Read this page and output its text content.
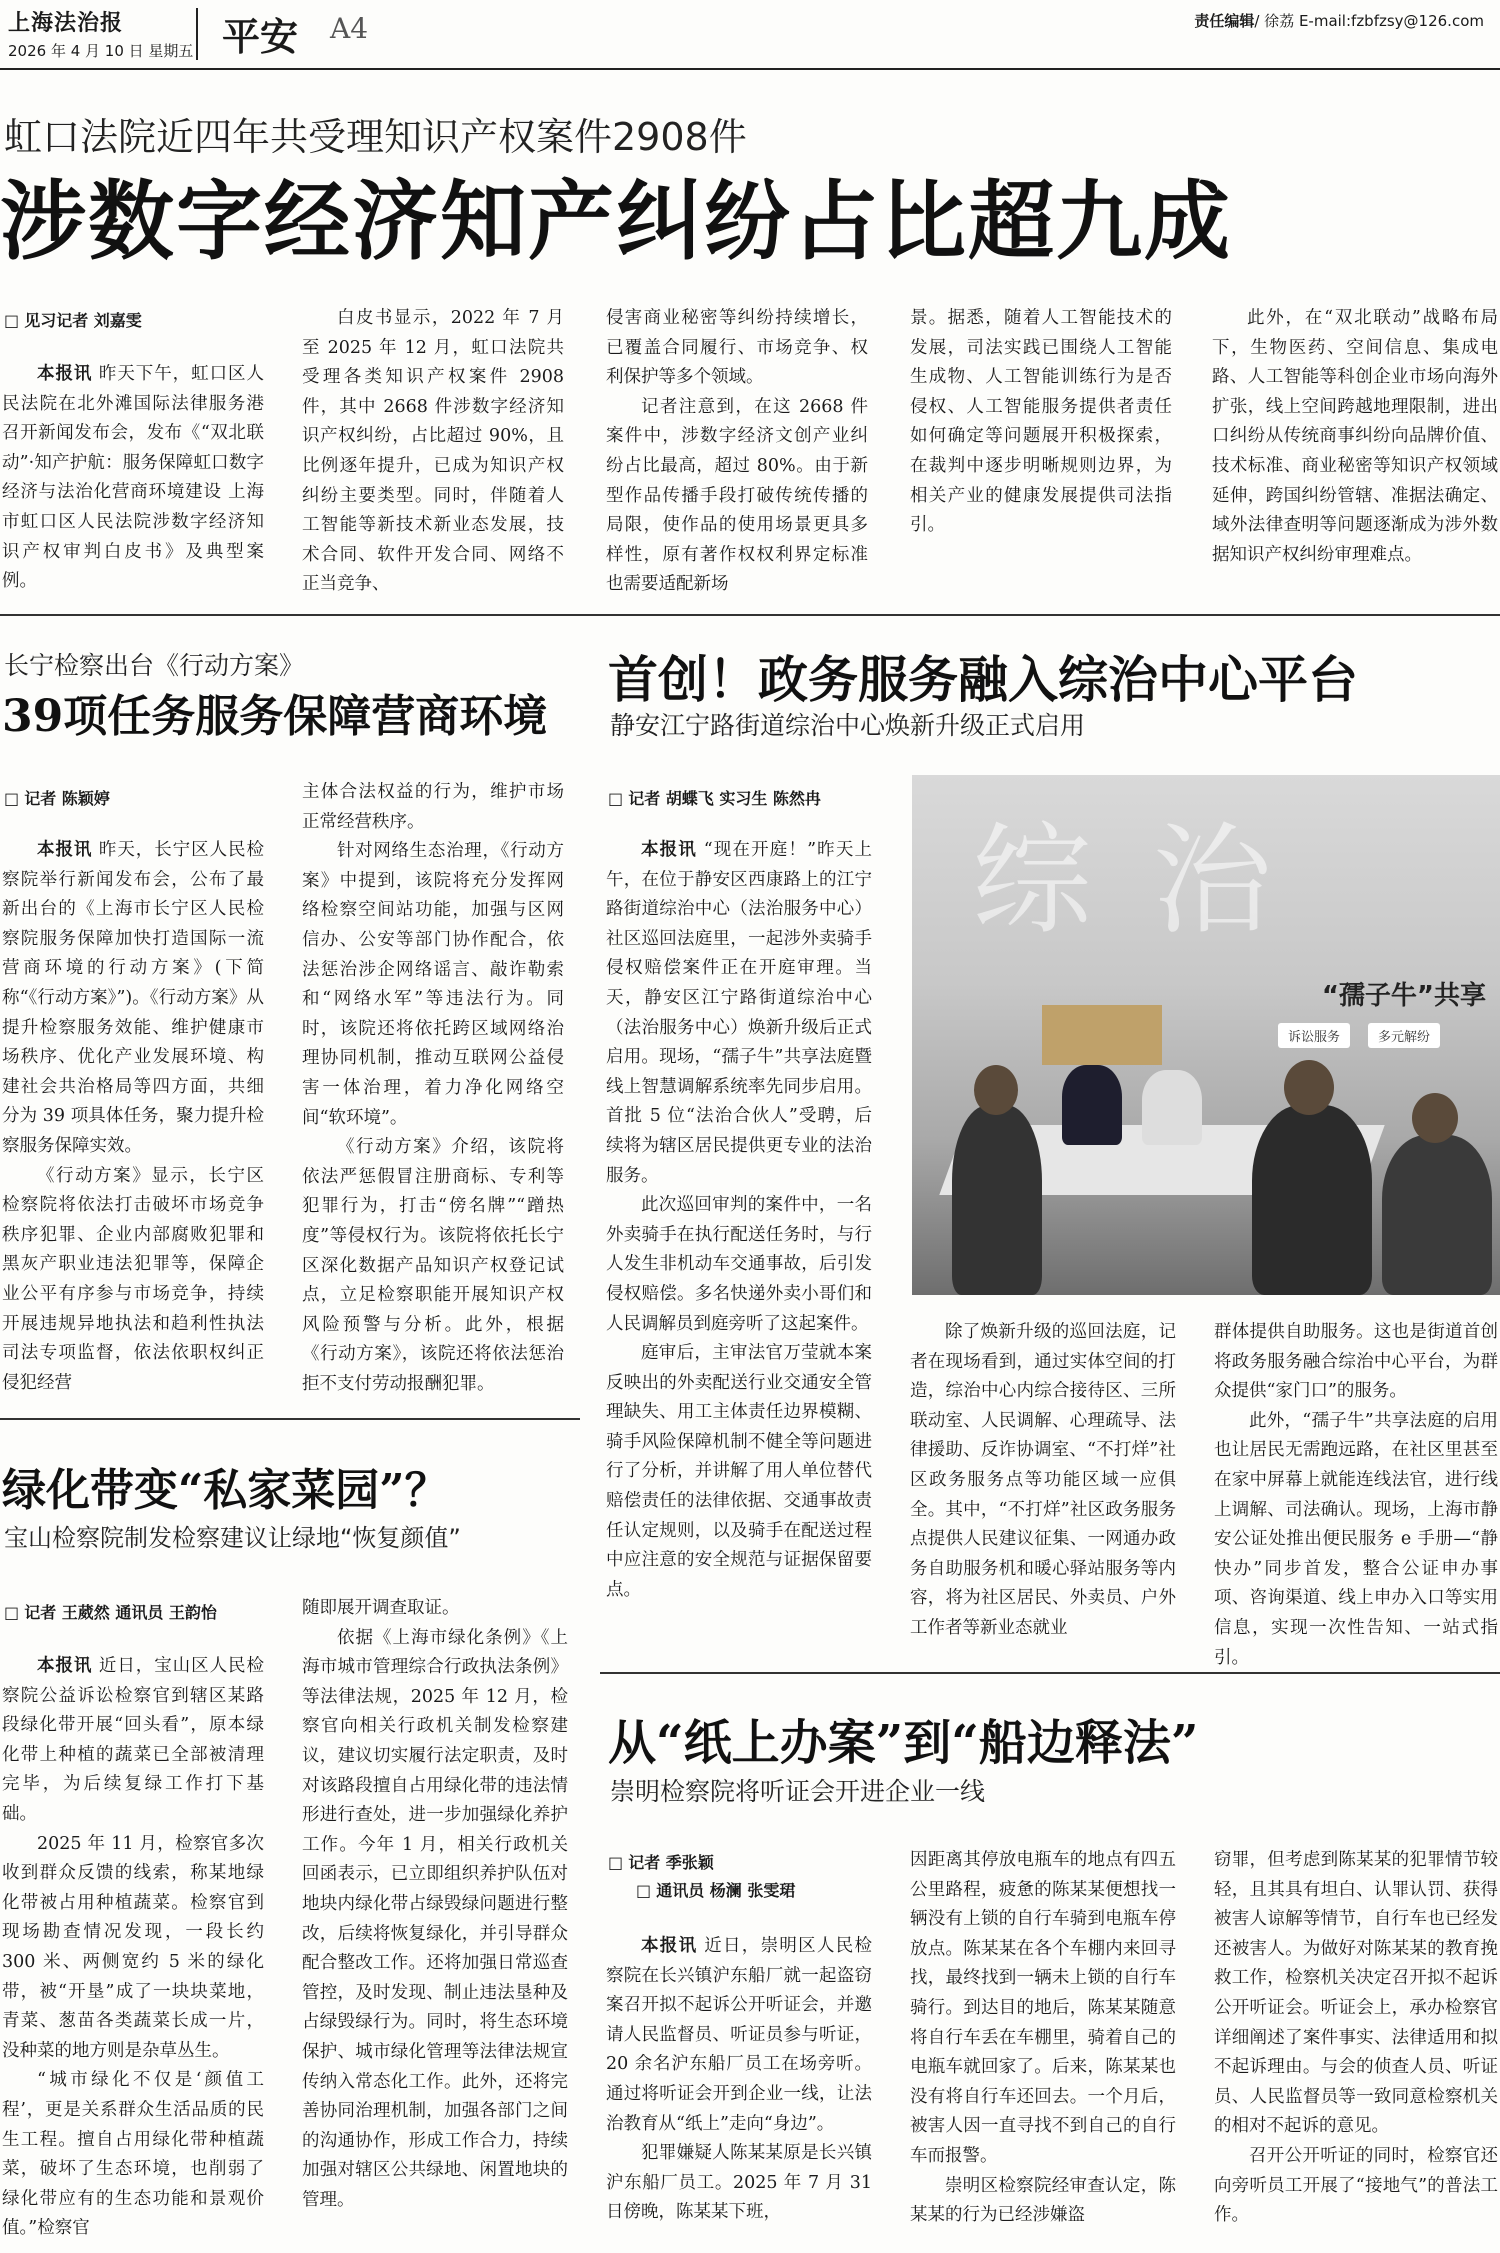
上海法治报
2026 年 4 月 10 日 星期五 平安 A4	责任编辑/ 徐荔 E-mail:fzbfzsy@126.com
虹口法院近四年共受理知识产权案件2908件
涉数字经济知产纠纷占比超九成
□ 见习记者 刘嘉雯

本报讯 昨天下午，虹口区人民法院在北外滩国际法律服务港召开新闻发布会，发布《“双北联动”·知产护航：服务保障虹口数字经济与法治化营商环境建设 上海市虹口区人民法院涉数字经济知识产权审判白皮书》及典型案例。

白皮书显示，2022 年 7 月至 2025 年 12 月，虹口法院共受理各类知识产权案件 2908 件，其中 2668 件涉数字经济知识产权纠纷，占比超过 90%，且比例逐年提升，已成为知识产权纠纷主要类型。同时，伴随着人工智能等新技术新业态发展，技术合同、软件开发合同、网络不正当竞争、

侵害商业秘密等纠纷持续增长，已覆盖合同履行、市场竞争、权利保护等多个领域。

记者注意到，在这 2668 件案件中，涉数字经济文创产业纠纷占比最高，超过 80%。由于新型作品传播手段打破传统传播的局限，使作品的使用场景更具多样性，原有著作权权利界定标准也需要适配新场

景。据悉，随着人工智能技术的发展，司法实践已围绕人工智能生成物、人工智能训练行为是否侵权、人工智能服务提供者责任如何确定等问题展开积极探索，在裁判中逐步明晰规则边界，为相关产业的健康发展提供司法指引。

此外，在“双北联动”战略布局下，生物医药、空间信息、集成电路、人工智能等科创企业市场向海外扩张，线上空间跨越地理限制，进出口纠纷从传统商事纠纷向品牌价值、技术标准、商业秘密等知识产权领域延伸，跨国纠纷管辖、准据法确定、域外法律查明等问题逐渐成为涉外数据知识产权纠纷审理难点。

长宁检察出台《行动方案》
39项任务服务保障营商环境
□ 记者 陈颖婷

本报讯 昨天，长宁区人民检察院举行新闻发布会，公布了最新出台的《上海市长宁区人民检察院服务保障加快打造国际一流营商环境的行动方案》(下简称“《行动方案》”)。《行动方案》从提升检察服务效能、维护健康市场秩序、优化产业发展环境、构建社会共治格局等四方面，共细分为 39 项具体任务，聚力提升检察服务保障实效。

《行动方案》显示，长宁区检察院将依法打击破坏市场竞争秩序犯罪、企业内部腐败犯罪和黑灰产职业违法犯罪等，保障企业公平有序参与市场竞争，持续开展违规异地执法和趋利性执法司法专项监督，依法依职权纠正侵犯经营

主体合法权益的行为，维护市场正常经营秩序。

针对网络生态治理，《行动方案》中提到，该院将充分发挥网络检察空间站功能，加强与区网信办、公安等部门协作配合，依法惩治涉企网络谣言、敲诈勒索和“网络水军”等违法行为。同时，该院还将依托跨区域网络治理协同机制，推动互联网公益侵害一体治理，着力净化网络空间“软环境”。

《行动方案》介绍，该院将依法严惩假冒注册商标、专利等犯罪行为，打击“傍名牌”“蹭热度”等侵权行为。该院将依托长宁区深化数据产品知识产权登记试点，立足检察职能开展知识产权风险预警与分析。此外，根据《行动方案》，该院还将依法惩治拒不支付劳动报酬犯罪。

首创！政务服务融入综治中心平台
静安江宁路街道综治中心焕新升级正式启用
□ 记者 胡蝶飞 实习生 陈然冉

本报讯 “现在开庭！”昨天上午，在位于静安区西康路上的江宁路街道综治中心（法治服务中心）社区巡回法庭里，一起涉外卖骑手侵权赔偿案件正在开庭审理。当天，静安区江宁路街道综治中心（法治服务中心）焕新升级后正式启用。现场，“孺子牛”共享法庭暨线上智慧调解系统率先同步启用。首批 5 位“法治合伙人”受聘，后续将为辖区居民提供更专业的法治服务。

此次巡回审判的案件中，一名外卖骑手在执行配送任务时，与行人发生非机动车交通事故，后引发侵权赔偿。多名快递外卖小哥们和人民调解员到庭旁听了这起案件。

庭审后，主审法官万莹就本案反映出的外卖配送行业交通安全管理缺失、用工主体责任边界模糊、骑手风险保障机制不健全等问题进行了分析，并讲解了用人单位替代赔偿责任的法律依据、交通事故责任认定规则，以及骑手在配送过程中应注意的安全规范与证据保留要点。

综治
“孺子牛”共享
诉讼服务	多元解纷

除了焕新升级的巡回法庭，记者在现场看到，通过实体空间的打造，综治中心内综合接待区、三所联动室、人民调解、心理疏导、法律援助、反诈协调室、“不打烊”社区政务服务点等功能区域一应俱全。其中，“不打烊”社区政务服务点提供人民建议征集、一网通办政务自助服务机和暖心驿站服务等内容，将为社区居民、外卖员、户外工作者等新业态就业

群体提供自助服务。这也是街道首创将政务服务融合综治中心平台，为群众提供“家门口”的服务。

此外，“孺子牛”共享法庭的启用也让居民无需跑远路，在社区里甚至在家中屏幕上就能连线法官，进行线上调解、司法确认。现场，上海市静安公证处推出便民服务 e 手册—“静快办”同步首发，整合公证申办事项、咨询渠道、线上申办入口等实用信息，实现一次性告知、一站式指引。

绿化带变“私家菜园”？
宝山检察院制发检察建议让绿地“恢复颜值”
□ 记者 王葳然 通讯员 王韵怡

本报讯 近日，宝山区人民检察院公益诉讼检察官到辖区某路段绿化带开展“回头看”，原本绿化带上种植的蔬菜已全部被清理完毕，为后续复绿工作打下基础。

2025 年 11 月，检察官多次收到群众反馈的线索，称某地绿化带被占用种植蔬菜。检察官到现场勘查情况发现，一段长约 300 米、两侧宽约 5 米的绿化带，被“开垦”成了一块块菜地，青菜、葱苗各类蔬菜长成一片，没种菜的地方则是杂草丛生。

“城市绿化不仅是‘颜值工程’，更是关系群众生活品质的民生工程。擅自占用绿化带种植蔬菜，破坏了生态环境，也削弱了绿化带应有的生态功能和景观价值。”检察官

随即展开调查取证。

依据《上海市绿化条例》《上海市城市管理综合行政执法条例》等法律法规，2025 年 12 月，检察官向相关行政机关制发检察建议，建议切实履行法定职责，及时对该路段擅自占用绿化带的违法情形进行查处，进一步加强绿化养护工作。今年 1 月，相关行政机关回函表示，已立即组织养护队伍对地块内绿化带占绿毁绿问题进行整改，后续将恢复绿化，并引导群众配合整改工作。还将加强日常巡查管控，及时发现、制止违法垦种及占绿毁绿行为。同时，将生态环境保护、城市绿化管理等法律法规宣传纳入常态化工作。此外，还将完善协同治理机制，加强各部门之间的沟通协作，形成工作合力，持续加强对辖区公共绿地、闲置地块的管理。

从“纸上办案”到“船边释法”
崇明检察院将听证会开进企业一线
□ 记者 季张颖
□ 通讯员 杨澜 张雯珺

本报讯 近日，崇明区人民检察院在长兴镇沪东船厂就一起盗窃案召开拟不起诉公开听证会，并邀请人民监督员、听证员参与听证，20 余名沪东船厂员工在场旁听。通过将听证会开到企业一线，让法治教育从“纸上”走向“身边”。

犯罪嫌疑人陈某某原是长兴镇沪东船厂员工。2025 年 7 月 31 日傍晚，陈某某下班，

因距离其停放电瓶车的地点有四五公里路程，疲惫的陈某某便想找一辆没有上锁的自行车骑到电瓶车停放点。陈某某在各个车棚内来回寻找，最终找到一辆未上锁的自行车骑行。到达目的地后，陈某某随意将自行车丢在车棚里，骑着自己的电瓶车就回家了。后来，陈某某也没有将自行车还回去。一个月后，被害人因一直寻找不到自己的自行车而报警。

崇明区检察院经审查认定，陈某某的行为已经涉嫌盗

窃罪，但考虑到陈某某的犯罪情节较轻，且其具有坦白、认罪认罚、获得被害人谅解等情节，自行车也已经发还被害人。为做好对陈某某的教育挽救工作，检察机关决定召开拟不起诉公开听证会。听证会上，承办检察官详细阐述了案件事实、法律适用和拟不起诉理由。与会的侦查人员、听证员、人民监督员等一致同意检察机关的相对不起诉的意见。

召开公开听证的同时，检察官还向旁听员工开展了“接地气”的普法工作。
